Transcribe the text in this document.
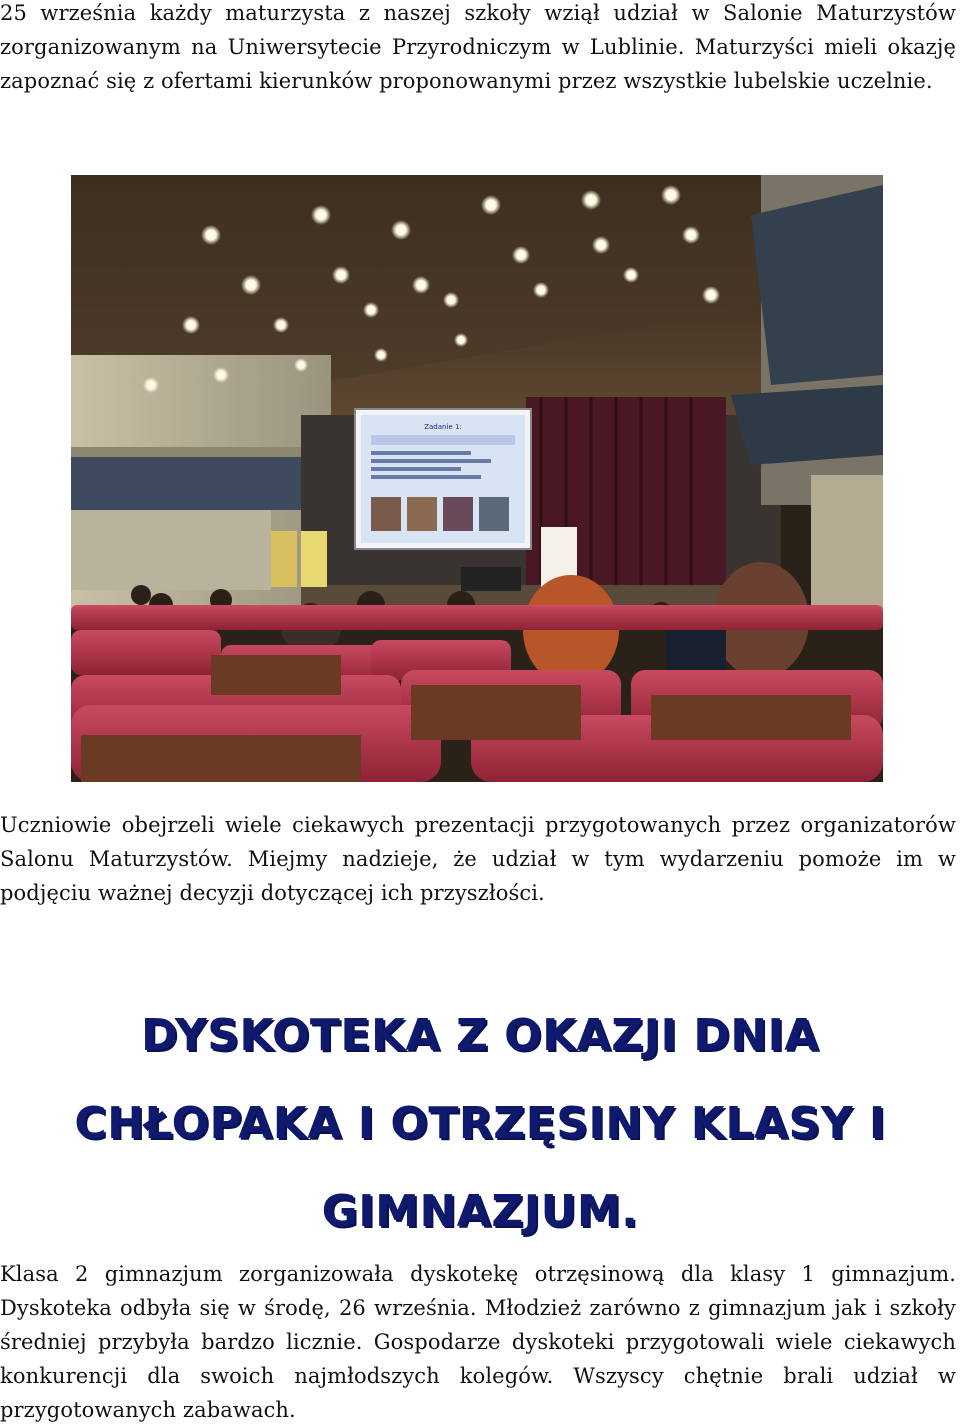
25 września każdy maturzysta z naszej szkoły wziął udział w Salonie Maturzystów zorganizowanym na Uniwersytecie Przyrodniczym w Lublinie. Maturzyści mieli okazję zapoznać się z ofertami kierunków proponowanymi przez wszystkie lubelskie uczelnie.

Zadanie 1:

Uczniowie obejrzeli wiele ciekawych prezentacji przygotowanych przez organizatorów Salonu Maturzystów. Miejmy nadzieje, że udział w tym wydarzeniu pomoże im w podjęciu ważnej decyzji dotyczącej ich przyszłości.

DYSKOTEKA Z OKAZJI DNIA CHŁOPAKA I OTRZĘSINY KLASY I GIMNAZJUM.

Klasa 2 gimnazjum zorganizowała dyskotekę otrzęsinową dla klasy 1 gimnazjum. Dyskoteka odbyła się w środę, 26 września. Młodzież zarówno z gimnazjum jak i szkoły średniej przybyła bardzo licznie. Gospodarze dyskoteki przygotowali wiele ciekawych konkurencji dla swoich najmłodszych kolegów. Wszyscy chętnie brali udział w przygotowanych zabawach.
